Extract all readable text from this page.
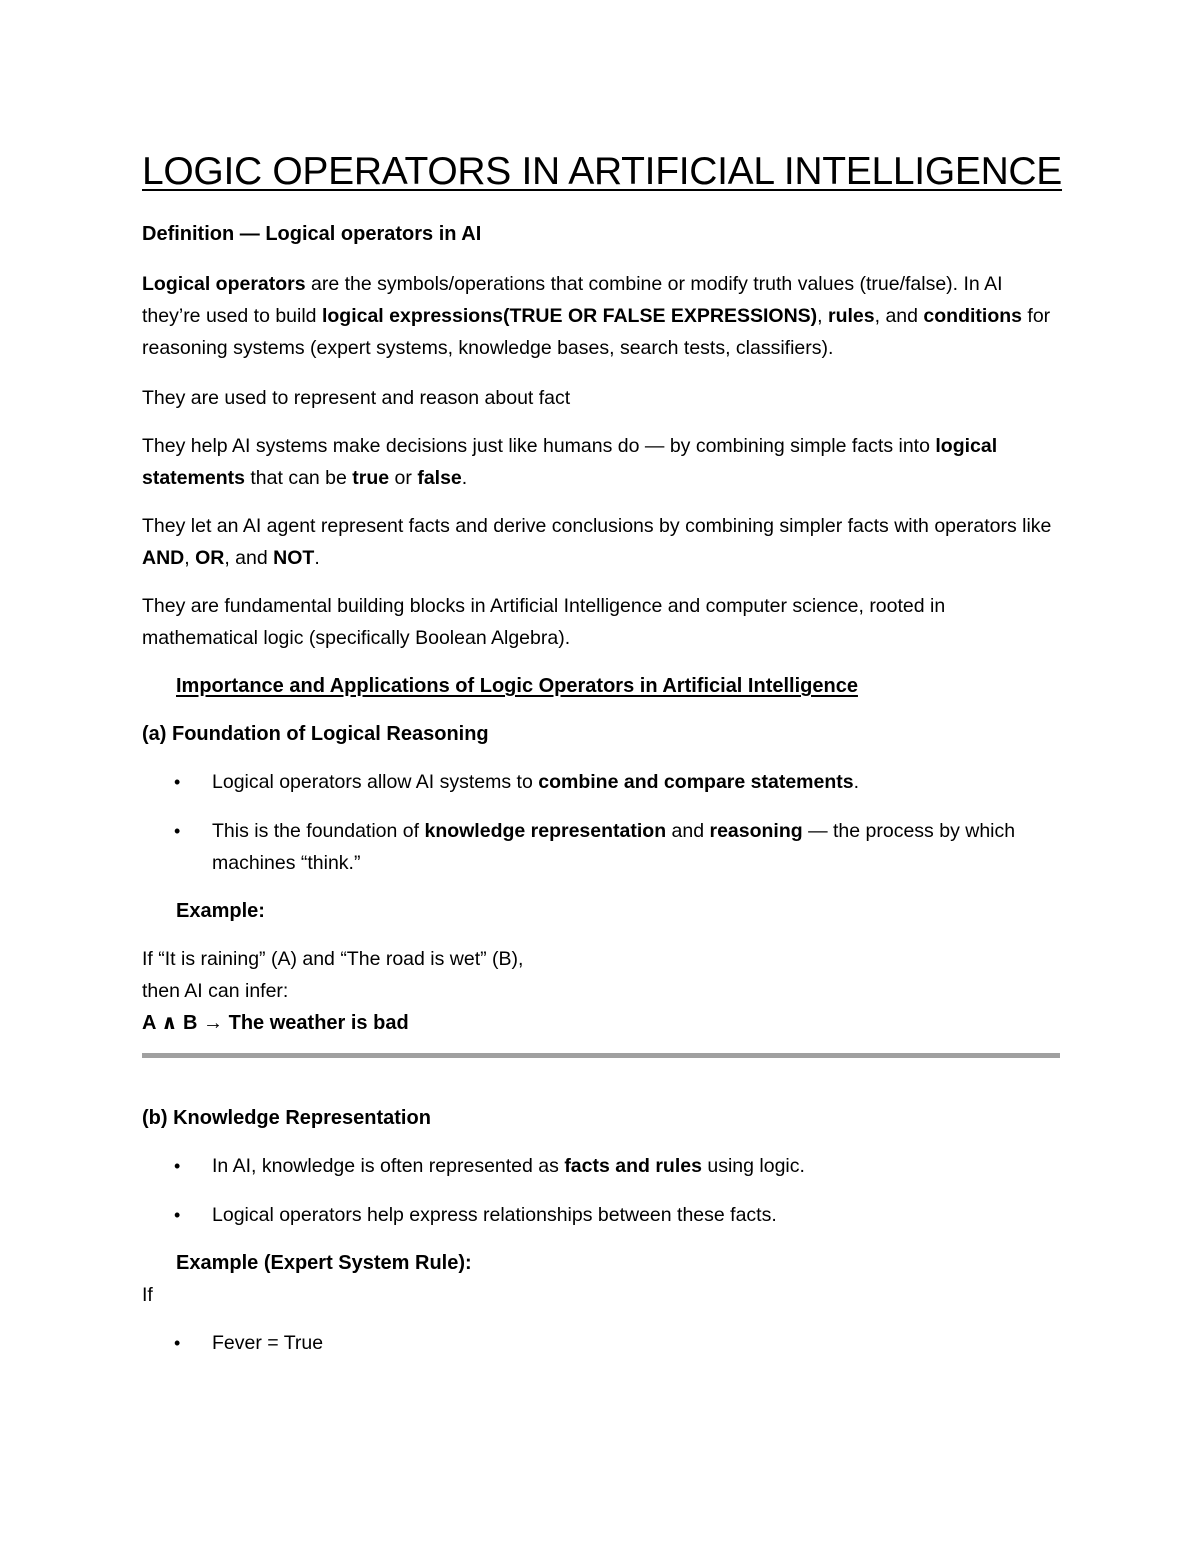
LOGIC OPERATORS IN ARTIFICIAL INTELLIGENCE

Definition — Logical operators in AI

Logical operators are the symbols/operations that combine or modify truth values (true/false). In AI they’re used to build logical expressions(TRUE OR FALSE EXPRESSIONS), rules, and conditions for reasoning systems (expert systems, knowledge bases, search tests, classifiers).

They are used to represent and reason about fact

They help AI systems make decisions just like humans do — by combining simple facts into logical statements that can be true or false.

They let an AI agent represent facts and derive conclusions by combining simpler facts with operators like AND, OR, and NOT.

They are fundamental building blocks in Artificial Intelligence and computer science, rooted in mathematical logic (specifically Boolean Algebra).

Importance and Applications of Logic Operators in Artificial Intelligence

(a) Foundation of Logical Reasoning

• Logical operators allow AI systems to combine and compare statements.
• This is the foundation of knowledge representation and reasoning — the process by which machines “think.”

Example:

If “It is raining” (A) and “The road is wet” (B),

then AI can infer:

A ∧ B → The weather is bad

(b) Knowledge Representation

• In AI, knowledge is often represented as facts and rules using logic.
• Logical operators help express relationships between these facts.

Example (Expert System Rule):

If

• Fever = True
